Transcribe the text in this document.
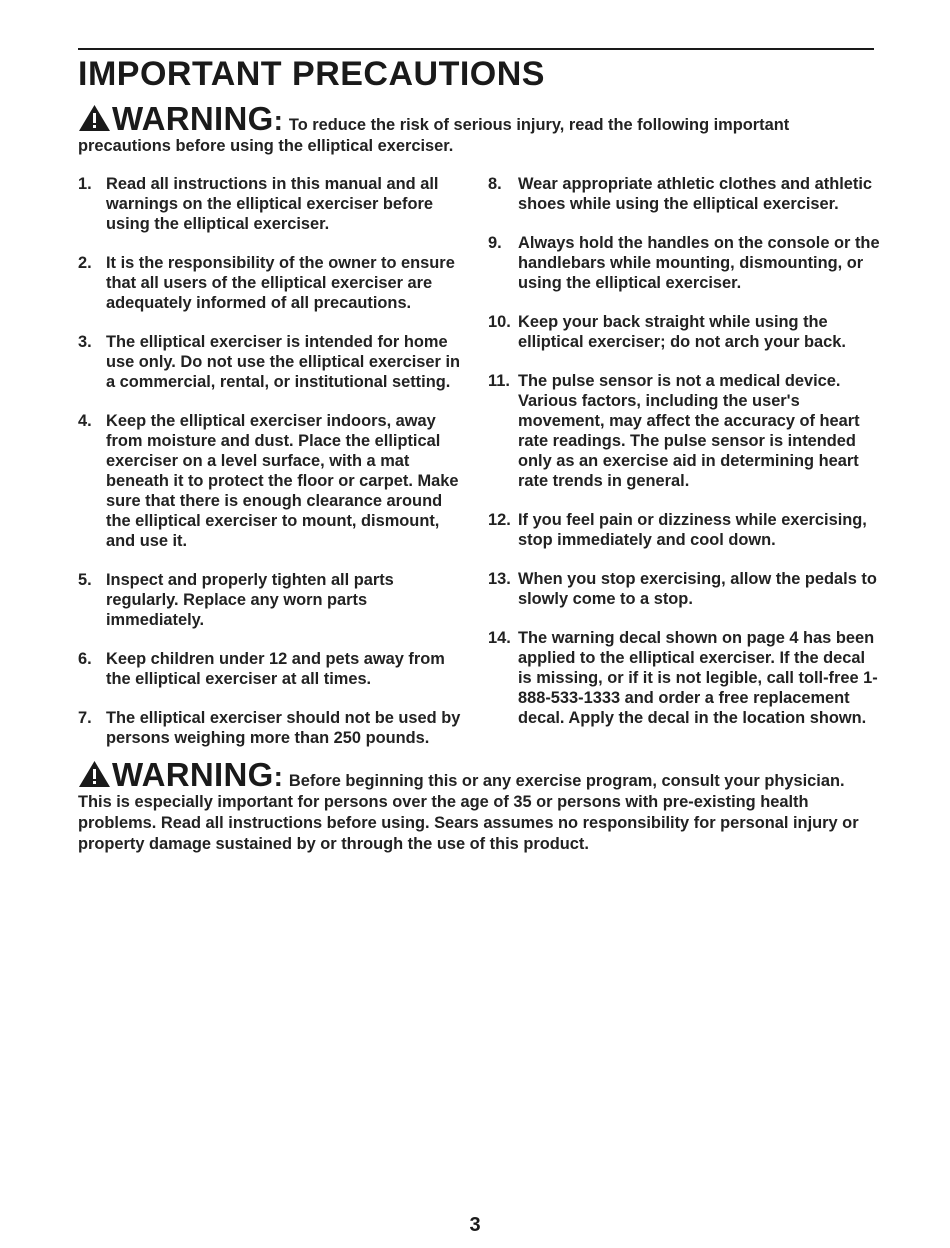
IMPORTANT PRECAUTIONS
WARNING: To reduce the risk of serious injury, read the following important precautions before using the elliptical exerciser.
1. Read all instructions in this manual and all warnings on the elliptical exerciser before using the elliptical exerciser.
2. It is the responsibility of the owner to ensure that all users of the elliptical exerciser are adequately informed of all precautions.
3. The elliptical exerciser is intended for home use only. Do not use the elliptical exerciser in a commercial, rental, or institutional setting.
4. Keep the elliptical exerciser indoors, away from moisture and dust. Place the elliptical exerciser on a level surface, with a mat beneath it to protect the floor or carpet. Make sure that there is enough clearance around the elliptical exerciser to mount, dismount, and use it.
5. Inspect and properly tighten all parts regularly. Replace any worn parts immediately.
6. Keep children under 12 and pets away from the elliptical exerciser at all times.
7. The elliptical exerciser should not be used by persons weighing more than 250 pounds.
8. Wear appropriate athletic clothes and athletic shoes while using the elliptical exerciser.
9. Always hold the handles on the console or the handlebars while mounting, dismounting, or using the elliptical exerciser.
10. Keep your back straight while using the elliptical exerciser; do not arch your back.
11. The pulse sensor is not a medical device. Various factors, including the user's movement, may affect the accuracy of heart rate readings. The pulse sensor is intended only as an exercise aid in determining heart rate trends in general.
12. If you feel pain or dizziness while exercising, stop immediately and cool down.
13. When you stop exercising, allow the pedals to slowly come to a stop.
14. The warning decal shown on page 4 has been applied to the elliptical exerciser. If the decal is missing, or if it is not legible, call toll-free 1-888-533-1333 and order a free replacement decal. Apply the decal in the location shown.
WARNING: Before beginning this or any exercise program, consult your physician. This is especially important for persons over the age of 35 or persons with pre-existing health problems. Read all instructions before using. Sears assumes no responsibility for personal injury or property damage sustained by or through the use of this product.
3
